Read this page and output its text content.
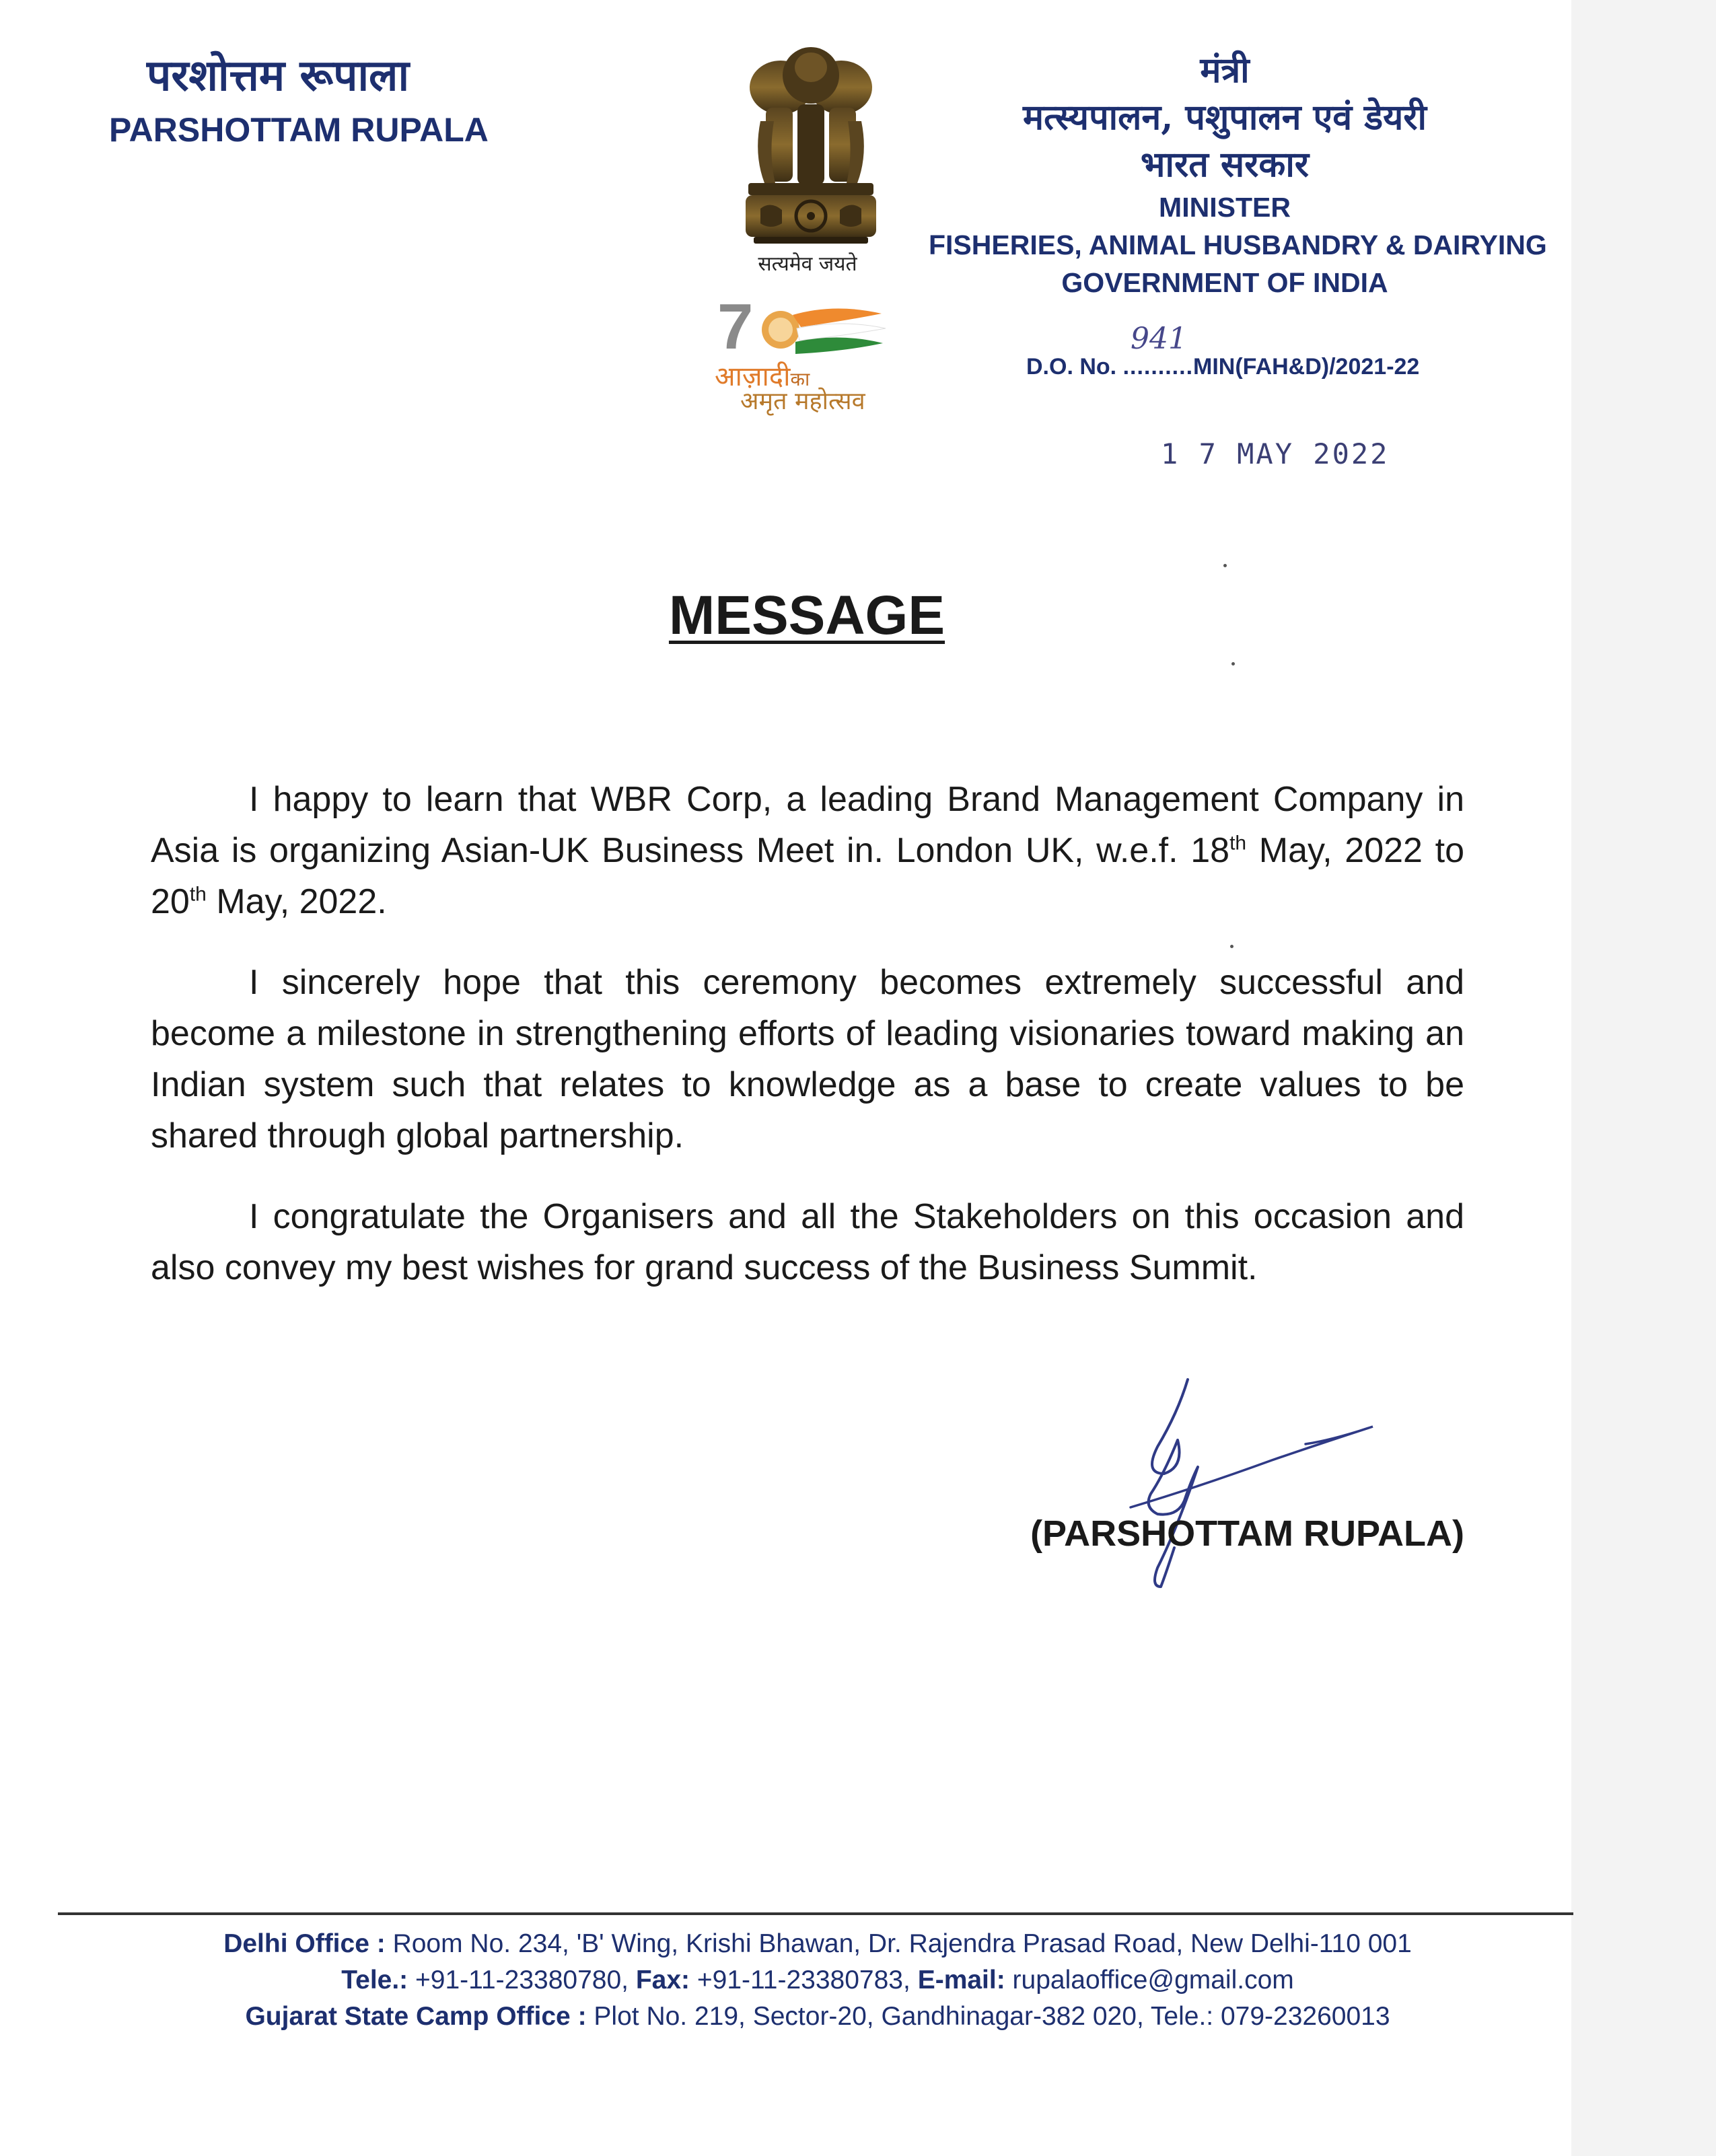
परशोत्तम रूपाला
PARSHOTTAM RUPALA
सत्यमेव जयते
7
आज़ादीका
अमृत महोत्सव
मंत्री
मत्स्यपालन, पशुपालन एवं डेयरी
भारत सरकार
MINISTER
FISHERIES, ANIMAL HUSBANDRY & DAIRYING
GOVERNMENT OF INDIA
D.O. No. ..........MIN(FAH&D)/2021-22
941
1 7 MAY 2022
MESSAGE

I happy to learn that WBR Corp, a leading Brand Management Company in Asia is organizing Asian-UK Business Meet in. London UK, w.e.f. 18th May, 2022 to 20th May, 2022.

I sincerely hope that this ceremony becomes extremely successful and become a milestone in strengthening efforts of leading visionaries toward making an Indian system such that relates to knowledge as a base to create values to be shared through global partnership.

I congratulate the Organisers and all the Stakeholders on this occasion and also convey my best wishes for grand success of the Business Summit.

(PARSHOTTAM RUPALA)
Delhi Office : Room No. 234, 'B' Wing, Krishi Bhawan, Dr. Rajendra Prasad Road, New Delhi-110 001
Tele.: +91-11-23380780, Fax: +91-11-23380783, E-mail: rupalaoffice@gmail.com
Gujarat State Camp Office : Plot No. 219, Sector-20, Gandhinagar-382 020, Tele.: 079-23260013
